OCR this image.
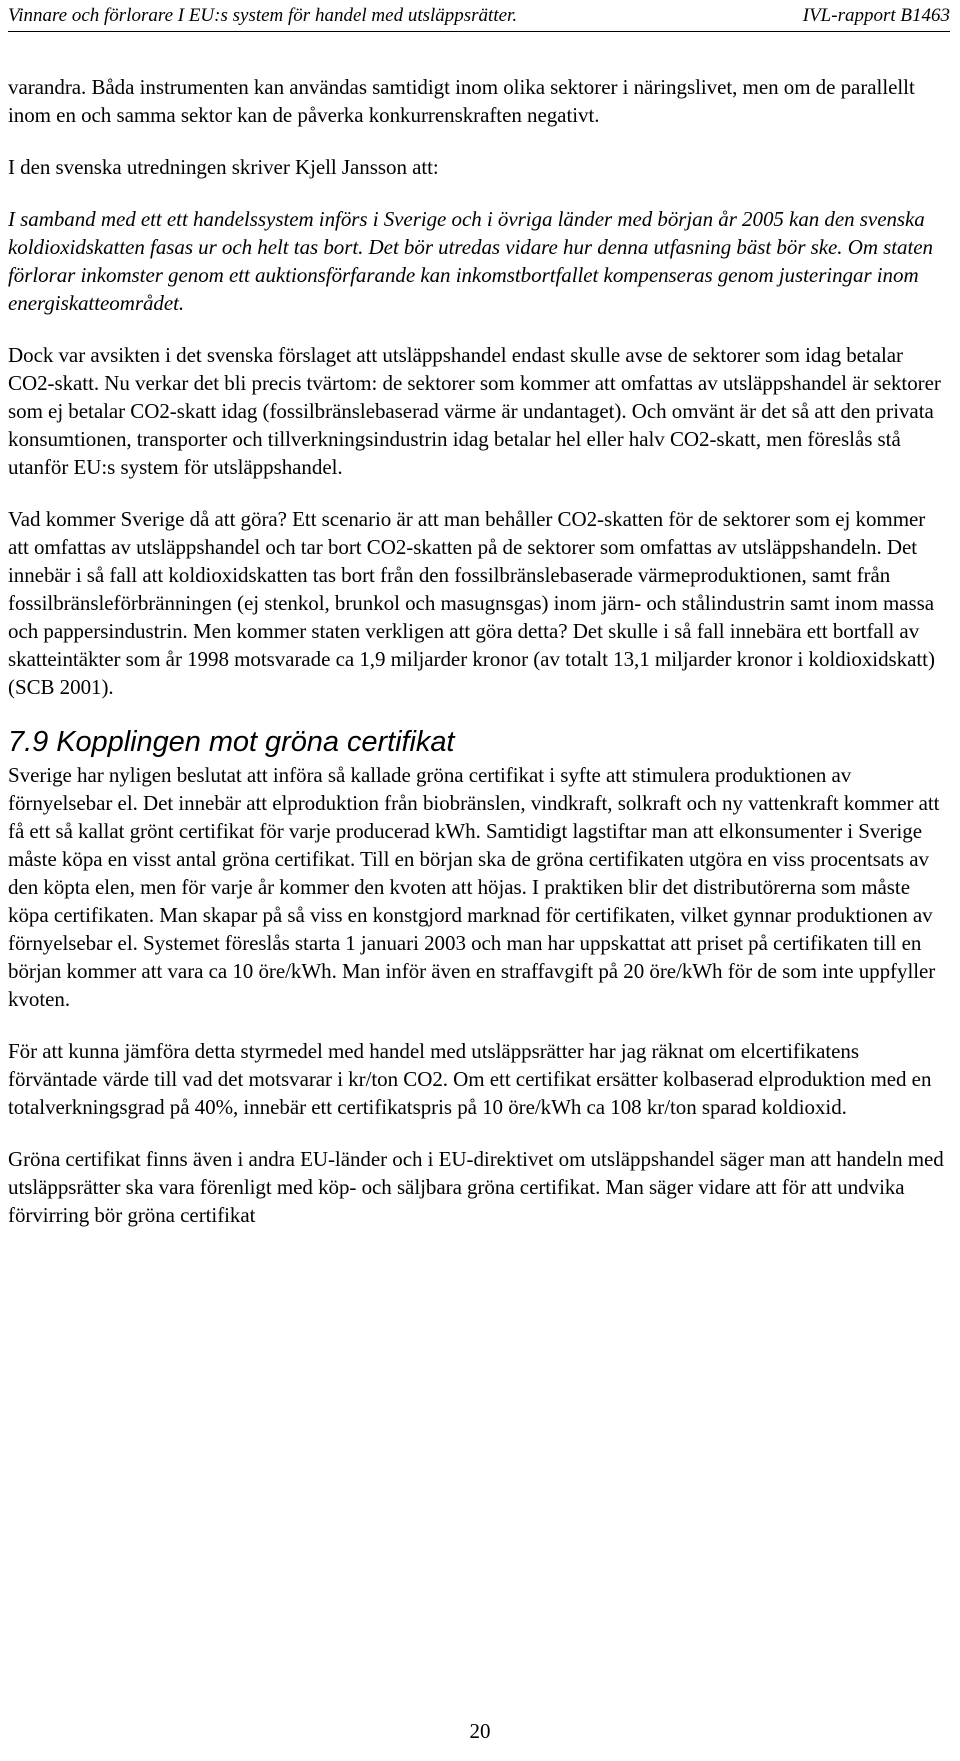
Vinnare och förlorare I EU:s system för handel med utsläppsrätter.	IVL-rapport B1463

varandra. Båda instrumenten kan användas samtidigt inom olika sektorer i näringslivet, men om de parallellt inom en och samma sektor kan de påverka konkurrenskraften negativt.

I den svenska utredningen skriver Kjell Jansson att:

I samband med ett ett handelssystem införs i Sverige och i övriga länder med början år 2005 kan den svenska koldioxidskatten fasas ur och helt tas bort. Det bör utredas vidare hur denna utfasning bäst bör ske. Om staten förlorar inkomster genom ett auktionsförfarande kan inkomstbortfallet kompenseras genom justeringar inom energiskatteområdet.

Dock var avsikten i det svenska förslaget att utsläppshandel endast skulle avse de sektorer som idag betalar CO2-skatt. Nu verkar det bli precis tvärtom: de sektorer som kommer att omfattas av utsläppshandel är sektorer som ej betalar CO2-skatt idag (fossilbränslebaserad värme är undantaget). Och omvänt är det så att den privata konsumtionen, transporter och tillverkningsindustrin idag betalar hel eller halv CO2-skatt, men föreslås stå utanför EU:s system för utsläppshandel.

Vad kommer Sverige då att göra? Ett scenario är att man behåller CO2-skatten för de sektorer som ej kommer att omfattas av utsläppshandel och tar bort CO2-skatten på de sektorer som omfattas av utsläppshandeln. Det innebär i så fall att koldioxidskatten tas bort från den fossilbränslebaserade värmeproduktionen, samt från fossilbränsleförbränningen (ej stenkol, brunkol och masugnsgas) inom järn- och stålindustrin samt inom massa och pappersindustrin. Men kommer staten verkligen att göra detta? Det skulle i så fall innebära ett bortfall av skatteintäkter som år 1998 motsvarade ca 1,9 miljarder kronor (av totalt 13,1 miljarder kronor i koldioxidskatt) (SCB 2001).

7.9 Kopplingen mot gröna certifikat

Sverige har nyligen beslutat att införa så kallade gröna certifikat i syfte att stimulera produktionen av förnyelsebar el. Det innebär att elproduktion från biobränslen, vindkraft, solkraft och ny vattenkraft kommer att få ett så kallat grönt certifikat för varje producerad kWh. Samtidigt lagstiftar man att elkonsumenter i Sverige måste köpa en visst antal gröna certifikat. Till en början ska de gröna certifikaten utgöra en viss procentsats av den köpta elen, men för varje år kommer den kvoten att höjas. I praktiken blir det distributörerna som måste köpa certifikaten. Man skapar på så viss en konstgjord marknad för certifikaten, vilket gynnar produktionen av förnyelsebar el. Systemet föreslås starta 1 januari 2003 och man har uppskattat att priset på certifikaten till en början kommer att vara ca 10 öre/kWh. Man inför även en straffavgift på 20 öre/kWh för de som inte uppfyller kvoten.

För att kunna jämföra detta styrmedel med handel med utsläppsrätter har jag räknat om elcertifikatens förväntade värde till vad det motsvarar i kr/ton CO2. Om ett certifikat ersätter kolbaserad elproduktion med en totalverkningsgrad på 40%, innebär ett certifikatspris på 10 öre/kWh ca 108 kr/ton sparad koldioxid.

Gröna certifikat finns även i andra EU-länder och i EU-direktivet om utsläppshandel säger man att handeln med utsläppsrätter ska vara förenligt med köp- och säljbara gröna certifikat. Man säger vidare att för att undvika förvirring bör gröna certifikat

20
